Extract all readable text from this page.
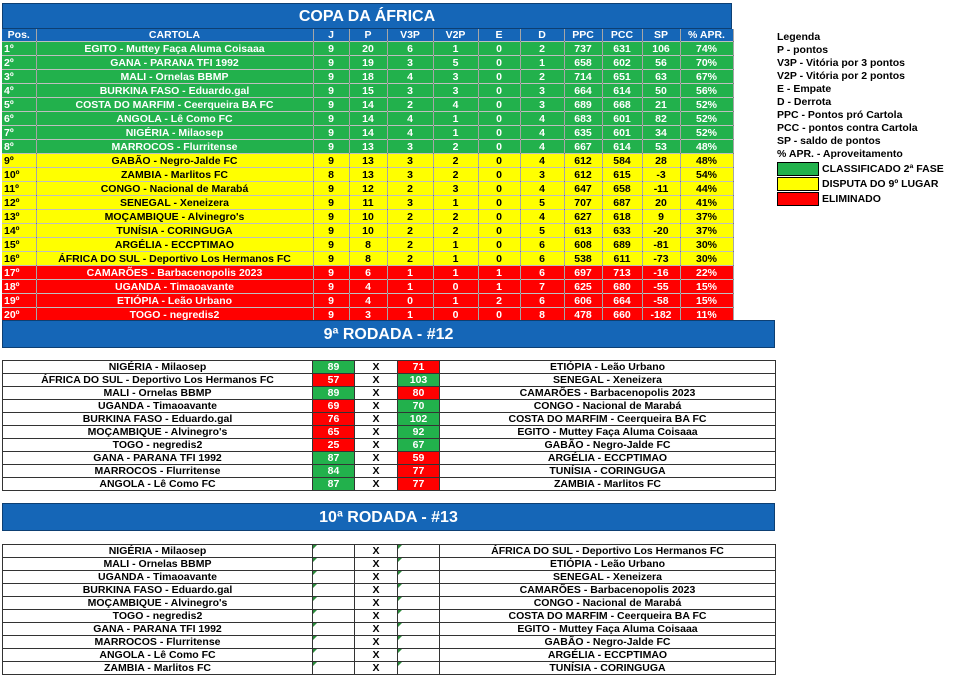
COPA DA ÁFRICA
Pos.	CARTOLA	J	P	V3P	V2P	E	D	PPC	PCC	SP	% APR.
1º	EGITO - Muttey Faça Aluma Coisaaa	9	20	6	1	0	2	737	631	106	74%
2º	GANA - PARANA TFI 1992	9	19	3	5	0	1	658	602	56	70%
3º	MALI - Ornelas BBMP	9	18	4	3	0	2	714	651	63	67%
4º	BURKINA FASO - Eduardo.gal	9	15	3	3	0	3	664	614	50	56%
5º	COSTA DO MARFIM - Ceerqueira BA FC	9	14	2	4	0	3	689	668	21	52%
6º	ANGOLA - Lê Como FC	9	14	4	1	0	4	683	601	82	52%
7º	NIGÉRIA - Milaosep	9	14	4	1	0	4	635	601	34	52%
8º	MARROCOS - Flurritense	9	13	3	2	0	4	667	614	53	48%
9º	GABÃO - Negro-Jalde FC	9	13	3	2	0	4	612	584	28	48%
10º	ZAMBIA - Marlitos FC	8	13	3	2	0	3	612	615	-3	54%
11º	CONGO - Nacional de Marabá	9	12	2	3	0	4	647	658	-11	44%
12º	SENEGAL - Xeneizera	9	11	3	1	0	5	707	687	20	41%
13º	MOÇAMBIQUE - Alvinegro's	9	10	2	2	0	4	627	618	9	37%
14º	TUNÍSIA - CORINGUGA	9	10	2	2	0	5	613	633	-20	37%
15º	ARGÉLIA - ECCPTIMAO	9	8	2	1	0	6	608	689	-81	30%
16º	ÁFRICA DO SUL - Deportivo Los Hermanos FC	9	8	2	1	0	6	538	611	-73	30%
17º	CAMARÕES - Barbacenopolis 2023	9	6	1	1	1	6	697	713	-16	22%
18º	UGANDA - Timaoavante	9	4	1	0	1	7	625	680	-55	15%
19º	ETIÓPIA - Leão Urbano	9	4	0	1	2	6	606	664	-58	15%
20º	TOGO - negredis2	9	3	1	0	0	8	478	660	-182	11%
Legenda
P - pontos
V3P - Vitória por 3 pontos
V2P - Vitória por 2 pontos
E - Empate
D - Derrota
PPC - Pontos pró Cartola
PCC - pontos contra Cartola
SP - saldo de pontos
% APR. - Aproveitamento
CLASSIFICADO 2ª FASE
DISPUTA DO 9º LUGAR
ELIMINADO
9ª RODADA - #12
NIGÉRIA - Milaosep	89	X	71	ETIÓPIA - Leão Urbano
ÁFRICA DO SUL - Deportivo Los Hermanos FC	57	X	103	SENEGAL - Xeneizera
MALI - Ornelas BBMP	89	X	80	CAMARÕES - Barbacenopolis 2023
UGANDA - Timaoavante	69	X	70	CONGO - Nacional de Marabá
BURKINA FASO - Eduardo.gal	76	X	102	COSTA DO MARFIM - Ceerqueira BA FC
MOÇAMBIQUE - Alvinegro's	65	X	92	EGITO - Muttey Faça Aluma Coisaaa
TOGO - negredis2	25	X	67	GABÃO - Negro-Jalde FC
GANA - PARANA TFI 1992	87	X	59	ARGÉLIA - ECCPTIMAO
MARROCOS - Flurritense	84	X	77	TUNÍSIA - CORINGUGA
ANGOLA - Lê Como FC	87	X	77	ZAMBIA - Marlitos FC
10ª RODADA - #13
NIGÉRIA - Milaosep		X		ÁFRICA DO SUL - Deportivo Los Hermanos FC
MALI - Ornelas BBMP		X		ETIÓPIA - Leão Urbano
UGANDA - Timaoavante		X		SENEGAL - Xeneizera
BURKINA FASO - Eduardo.gal		X		CAMARÕES - Barbacenopolis 2023
MOÇAMBIQUE - Alvinegro's		X		CONGO - Nacional de Marabá
TOGO - negredis2		X		COSTA DO MARFIM - Ceerqueira BA FC
GANA - PARANA TFI 1992		X		EGITO - Muttey Faça Aluma Coisaaa
MARROCOS - Flurritense		X		GABÃO - Negro-Jalde FC
ANGOLA - Lê Como FC		X		ARGÉLIA - ECCPTIMAO
ZAMBIA - Marlitos FC		X		TUNÍSIA - CORINGUGA
